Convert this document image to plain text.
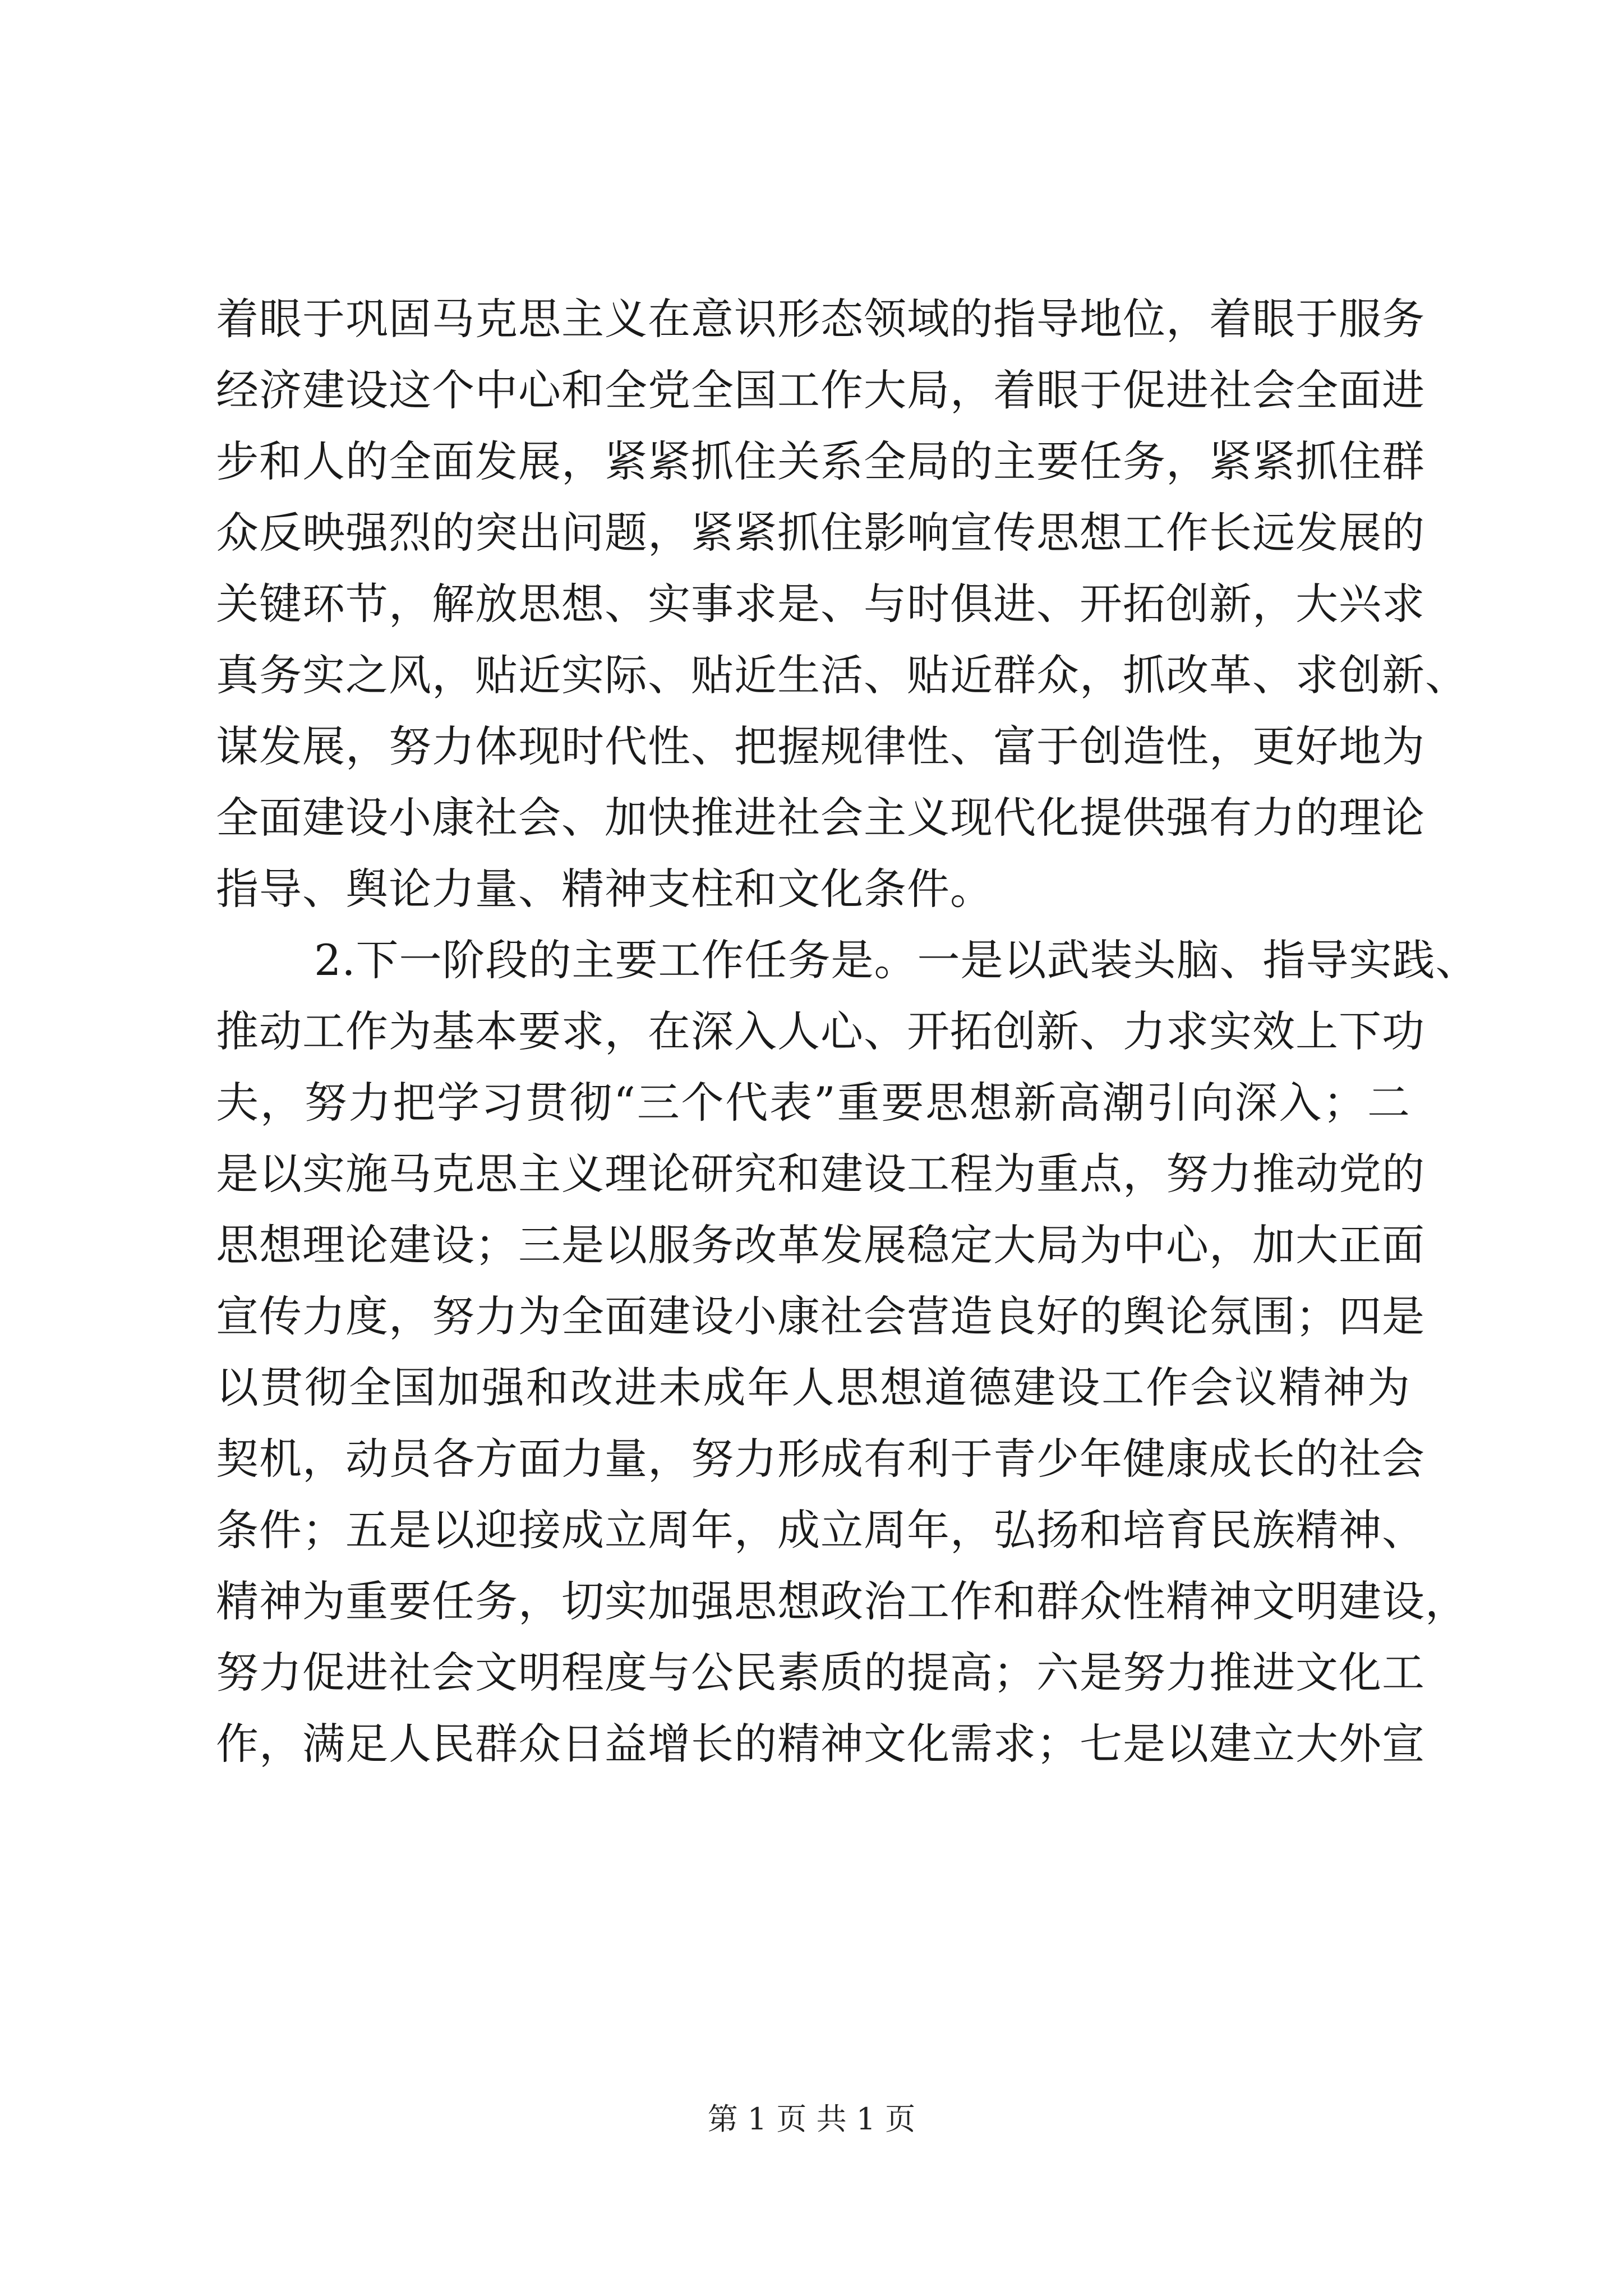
着眼于巩固马克思主义在意识形态领域的指导地位，着眼于服务
经济建设这个中心和全党全国工作大局，着眼于促进社会全面进
步和人的全面发展，紧紧抓住关系全局的主要任务，紧紧抓住群
众反映强烈的突出问题，紧紧抓住影响宣传思想工作长远发展的
关键环节，解放思想、实事求是、与时俱进、开拓创新，大兴求
真务实之风，贴近实际、贴近生活、贴近群众，抓改革、求创新、
谋发展，努力体现时代性、把握规律性、富于创造性，更好地为
全面建设小康社会、加快推进社会主义现代化提供强有力的理论
指导、舆论力量、精神支柱和文化条件。
2.下一阶段的主要工作任务是。一是以武装头脑、指导实践、
推动工作为基本要求，在深入人心、开拓创新、力求实效上下功
夫，努力把学习贯彻“三个代表”重要思想新高潮引向深入；二
是以实施马克思主义理论研究和建设工程为重点，努力推动党的
思想理论建设；三是以服务改革发展稳定大局为中心，加大正面
宣传力度，努力为全面建设小康社会营造良好的舆论氛围；四是
以贯彻全国加强和改进未成年人思想道德建设工作会议精神为
契机，动员各方面力量，努力形成有利于青少年健康成长的社会
条件；五是以迎接成立周年，成立周年，弘扬和培育民族精神、
精神为重要任务，切实加强思想政治工作和群众性精神文明建设，
努力促进社会文明程度与公民素质的提高；六是努力推进文化工
作，满足人民群众日益增长的精神文化需求；七是以建立大外宣
第 1 页 共 1 页
